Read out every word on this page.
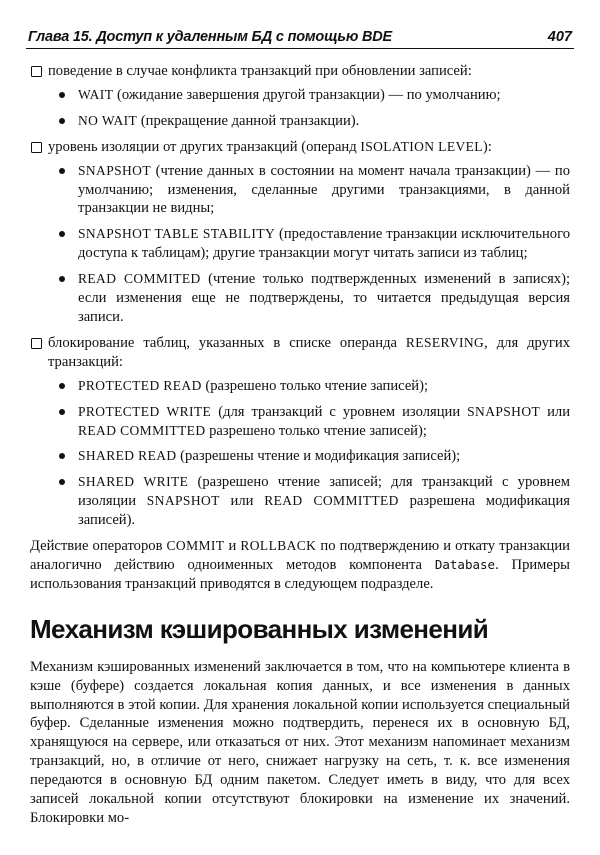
Глава 15. Доступ к удаленным БД с помощью BDE	407
поведение в случае конфликта транзакций при обновлении записей:
WAIT (ожидание завершения другой транзакции) — по умолчанию;
NO WAIT (прекращение данной транзакции).
уровень изоляции от других транзакций (операнд ISOLATION LEVEL):
SNAPSHOT (чтение данных в состоянии на момент начала транзакции) — по умолчанию; изменения, сделанные другими транзакциями, в данной транзакции не видны;
SNAPSHOT TABLE STABILITY (предоставление транзакции исключительного доступа к таблицам); другие транзакции могут читать записи из таблиц;
READ COMMITED (чтение только подтвержденных изменений в записях); если изменения еще не подтверждены, то читается предыдущая версия записи.
блокирование таблиц, указанных в списке операнда RESERVING, для других транзакций:
PROTECTED READ (разрешено только чтение записей);
PROTECTED WRITE (для транзакций с уровнем изоляции SNAPSHOT или READ COMMITTED разрешено только чтение записей);
SHARED READ (разрешены чтение и модификация записей);
SHARED WRITE (разрешено чтение записей; для транзакций с уровнем изоляции SNAPSHOT или READ COMMITTED разрешена модификация записей).

Действие операторов COMMIT и ROLLBACK по подтверждению и откату транзакции аналогично действию одноименных методов компонента Database. Примеры использования транзакций приводятся в следующем подразделе.

Механизм кэшированных изменений

Механизм кэшированных изменений заключается в том, что на компьютере клиента в кэше (буфере) создается локальная копия данных, и все изменения в данных выполняются в этой копии. Для хранения локальной копии используется специальный буфер. Сделанные изменения можно подтвердить, перенеся их в основную БД, хранящуюся на сервере, или отказаться от них. Этот механизм напоминает механизм транзакций, но, в отличие от него, снижает нагрузку на сеть, т. к. все изменения передаются в основную БД одним пакетом. Следует иметь в виду, что для всех записей локальной копии отсутствуют блокировки на изменение их значений. Блокировки мо-
